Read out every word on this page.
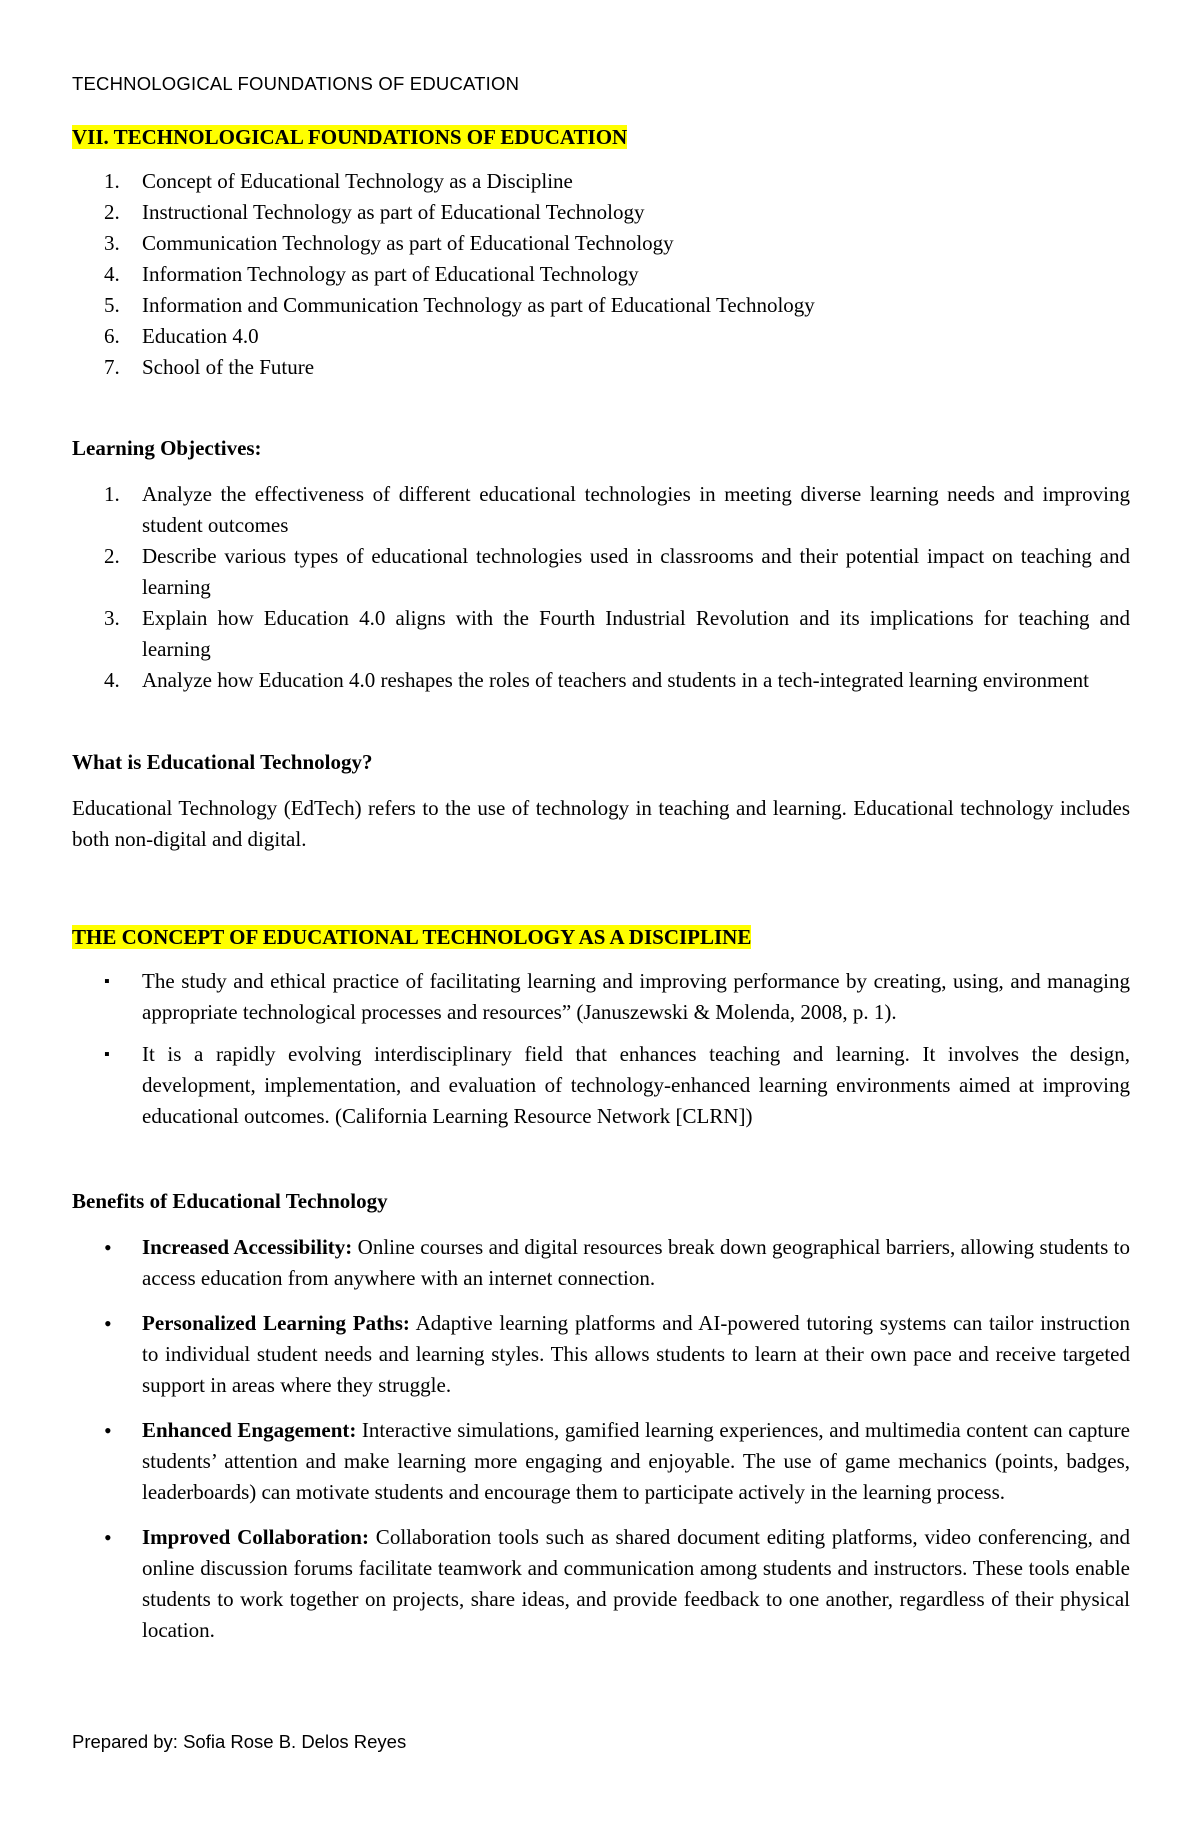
TECHNOLOGICAL FOUNDATIONS OF EDUCATION
VII. TECHNOLOGICAL FOUNDATIONS OF EDUCATION
1.	Concept of Educational Technology as a Discipline
2.	Instructional Technology as part of Educational Technology
3.	Communication Technology as part of Educational Technology
4.	Information Technology as part of Educational Technology
5.	Information and Communication Technology as part of Educational Technology
6.	Education 4.0
7.	School of the Future
Learning Objectives:
1.	Analyze the effectiveness of different educational technologies in meeting diverse learning needs and improving student outcomes
2.	Describe various types of educational technologies used in classrooms and their potential impact on teaching and learning
3.	Explain how Education 4.0 aligns with the Fourth Industrial Revolution and its implications for teaching and learning
4.	Analyze how Education 4.0 reshapes the roles of teachers and students in a tech-integrated learning environment
What is Educational Technology?

Educational Technology (EdTech) refers to the use of technology in teaching and learning. Educational technology includes both non-digital and digital.

THE CONCEPT OF EDUCATIONAL TECHNOLOGY AS A DISCIPLINE
▪ The study and ethical practice of facilitating learning and improving performance by creating, using, and managing appropriate technological processes and resources” (Januszewski & Molenda, 2008, p. 1).
▪ It is a rapidly evolving interdisciplinary field that enhances teaching and learning. It involves the design, development, implementation, and evaluation of technology-enhanced learning environments aimed at improving educational outcomes. (California Learning Resource Network [CLRN])
Benefits of Educational Technology
• Increased Accessibility: Online courses and digital resources break down geographical barriers, allowing students to access education from anywhere with an internet connection.
• Personalized Learning Paths: Adaptive learning platforms and AI-powered tutoring systems can tailor instruction to individual student needs and learning styles. This allows students to learn at their own pace and receive targeted support in areas where they struggle.
• Enhanced Engagement: Interactive simulations, gamified learning experiences, and multimedia content can capture students’ attention and make learning more engaging and enjoyable. The use of game mechanics (points, badges, leaderboards) can motivate students and encourage them to participate actively in the learning process.
• Improved Collaboration: Collaboration tools such as shared document editing platforms, video conferencing, and online discussion forums facilitate teamwork and communication among students and instructors. These tools enable students to work together on projects, share ideas, and provide feedback to one another, regardless of their physical location.
Prepared by: Sofia Rose B. Delos Reyes
